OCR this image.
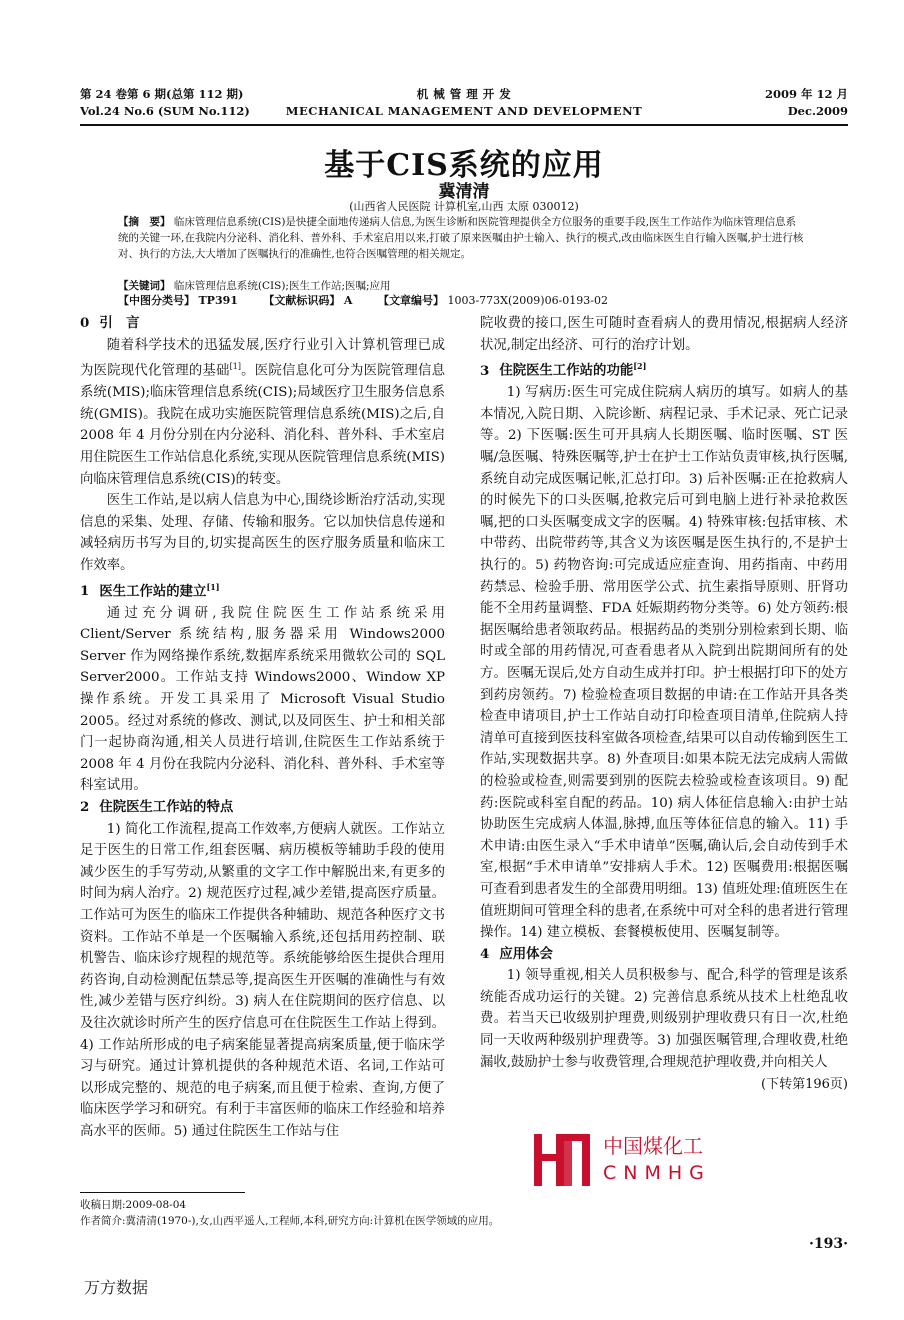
第 24 卷第 6 期(总第 112 期)
Vol.24 No.6 (SUM No.112)
机 械 管 理 开 发
MECHANICAL MANAGEMENT AND DEVELOPMENT
2009 年 12 月
Dec.2009
基于CIS系统的应用
冀清清
(山西省人民医院 计算机室,山西 太原 030012)
【摘　要】 临床管理信息系统(CIS)是快捷全面地传递病人信息,为医生诊断和医院管理提供全方位服务的重要手段,医生工作站作为临床管理信息系统的关键一环,在我院内分泌科、消化科、普外科、手术室启用以来,打破了原来医嘱由护士输入、执行的模式,改由临床医生自行输入医嘱,护士进行核对、执行的方法,大大增加了医嘱执行的准确性,也符合医嘱管理的相关规定。
【关键词】 临床管理信息系统(CIS);医生工作站;医嘱;应用
【中图分类号】 TP391 【文献标识码】 A 【文章编号】 1003-773X(2009)06-0193-02
0 引　言

随着科学技术的迅猛发展,医疗行业引入计算机管理已成为医院现代化管理的基础[1]。医院信息化可分为医院管理信息系统(MIS);临床管理信息系统(CIS);局域医疗卫生服务信息系统(GMIS)。我院在成功实施医院管理信息系统(MIS)之后,自 2008 年 4 月份分别在内分泌科、消化科、普外科、手术室启用住院医生工作站信息化系统,实现从医院管理信息系统(MIS)向临床管理信息系统(CIS)的转变。

医生工作站,是以病人信息为中心,围绕诊断治疗活动,实现信息的采集、处理、存储、传输和服务。它以加快信息传递和减轻病历书写为目的,切实提高医生的医疗服务质量和临床工作效率。

1 医生工作站的建立[1]

通过充分调研,我院住院医生工作站系统采用 Client/Server 系统结构,服务器采用 Windows2000 Server 作为网络操作系统,数据库系统采用微软公司的 SQL Server2000。工作站支持 Windows2000、Window XP 操作系统。开发工具采用了 Microsoft Visual Studio 2005。经过对系统的修改、测试,以及同医生、护士和相关部门一起协商沟通,相关人员进行培训,住院医生工作站系统于 2008 年 4 月份在我院内分泌科、消化科、普外科、手术室等科室试用。

2 住院医生工作站的特点

1) 简化工作流程,提高工作效率,方便病人就医。工作站立足于医生的日常工作,组套医嘱、病历模板等辅助手段的使用减少医生的手写劳动,从繁重的文字工作中解脱出来,有更多的时间为病人治疗。2) 规范医疗过程,减少差错,提高医疗质量。工作站可为医生的临床工作提供各种辅助、规范各种医疗文书资料。工作站不单是一个医嘱输入系统,还包括用药控制、联机警告、临床诊疗规程的规范等。系统能够给医生提供合理用药咨询,自动检测配伍禁忌等,提高医生开医嘱的准确性与有效性,减少差错与医疗纠纷。3) 病人在住院期间的医疗信息、以及往次就诊时所产生的医疗信息可在住院医生工作站上得到。4) 工作站所形成的电子病案能显著提高病案质量,便于临床学习与研究。通过计算机提供的各种规范术语、名词,工作站可以形成完整的、规范的电子病案,而且便于检索、查询,方便了临床医学学习和研究。有利于丰富医师的临床工作经验和培养高水平的医师。5) 通过住院医生工作站与住

院收费的接口,医生可随时查看病人的费用情况,根据病人经济状况,制定出经济、可行的治疗计划。

3 住院医生工作站的功能[2]

1) 写病历:医生可完成住院病人病历的填写。如病人的基本情况,入院日期、入院诊断、病程记录、手术记录、死亡记录等。2) 下医嘱:医生可开具病人长期医嘱、临时医嘱、ST 医嘱/急医嘱、特殊医嘱等,护士在护士工作站负责审核,执行医嘱,系统自动完成医嘱记帐,汇总打印。3) 后补医嘱:正在抢救病人的时候先下的口头医嘱,抢救完后可到电脑上进行补录抢救医嘱,把的口头医嘱变成文字的医嘱。4) 特殊审核:包括审核、术中带药、出院带药等,其含义为该医嘱是医生执行的,不是护士执行的。5) 药物咨询:可完成适应症查询、用药指南、中药用药禁忌、检验手册、常用医学公式、抗生素指导原则、肝肾功能不全用药量调整、FDA 妊娠期药物分类等。6) 处方领药:根据医嘱给患者领取药品。根据药品的类别分别检索到长期、临时或全部的用药情况,可查看患者从入院到出院期间所有的处方。医嘱无误后,处方自动生成并打印。护士根据打印下的处方到药房领药。7) 检验检查项目数据的申请:在工作站开具各类检查申请项目,护士工作站自动打印检查项目清单,住院病人持清单可直接到医技科室做各项检查,结果可以自动传输到医生工作站,实现数据共享。8) 外查项目:如果本院无法完成病人需做的检验或检查,则需要到别的医院去检验或检查该项目。9) 配药:医院或科室自配的药品。10) 病人体征信息输入:由护士站协助医生完成病人体温,脉搏,血压等体征信息的输入。11) 手术申请:由医生录入“手术申请单”医嘱,确认后,会自动传到手术室,根据“手术申请单”安排病人手术。12) 医嘱费用:根据医嘱可查看到患者发生的全部费用明细。13) 值班处理:值班医生在值班期间可管理全科的患者,在系统中可对全科的患者进行管理操作。14) 建立模板、套餐模板使用、医嘱复制等。

4 应用体会

1) 领导重视,相关人员积极参与、配合,科学的管理是该系统能否成功运行的关键。2) 完善信息系统从技术上杜绝乱收费。若当天已收级别护理费,则级别护理收费只有日一次,杜绝同一天收两种级别护理费等。3) 加强医嘱管理,合理收费,杜绝漏收,鼓励护士参与收费管理,合理规范护理收费,并向相关人

(下转第196页)
中国煤化工
CNMHG
收稿日期:2009-08-04
作者简介:冀清清(1970-),女,山西平遥人,工程师,本科,研究方向:计算机在医学领域的应用。
·193·
万方数据
